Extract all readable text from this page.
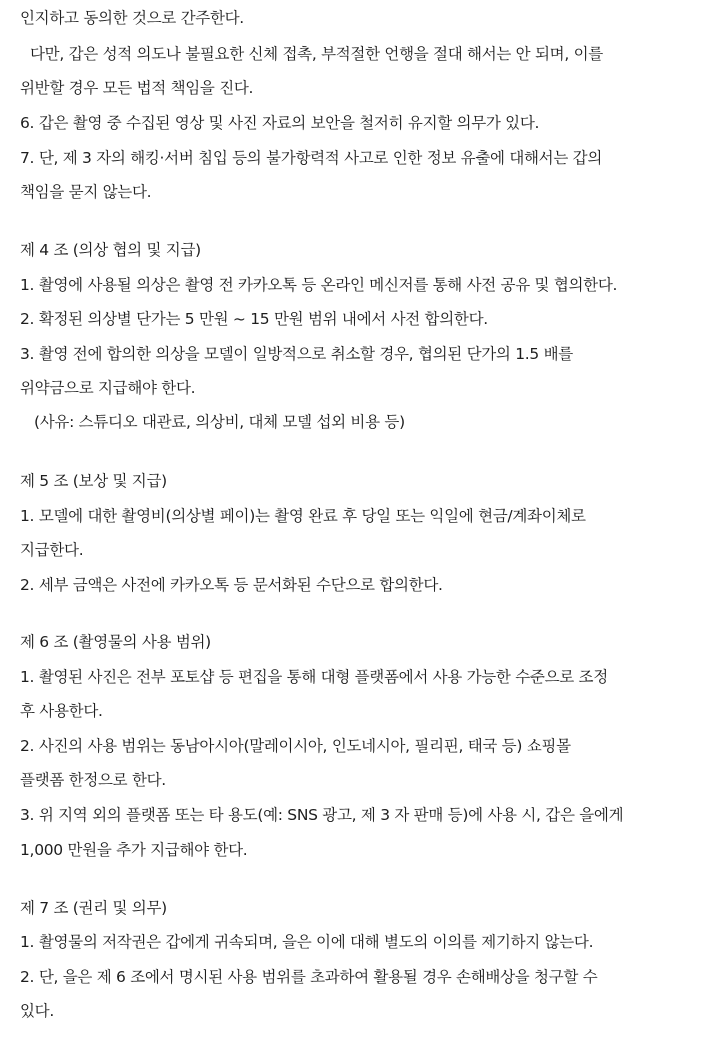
인지하고 동의한 것으로 간주한다.
다만, 갑은 성적 의도나 불필요한 신체 접촉, 부적절한 언행을 절대 해서는 안 되며, 이를
위반할 경우 모든 법적 책임을 진다.
6. 갑은 촬영 중 수집된 영상 및 사진 자료의 보안을 철저히 유지할 의무가 있다.
7. 단, 제 3 자의 해킹·서버 침입 등의 불가항력적 사고로 인한 정보 유출에 대해서는 갑의
책임을 묻지 않는다.
제 4 조 (의상 협의 및 지급)
1. 촬영에 사용될 의상은 촬영 전 카카오톡 등 온라인 메신저를 통해 사전 공유 및 협의한다.
2. 확정된 의상별 단가는 5 만원 ~ 15 만원 범위 내에서 사전 합의한다.
3. 촬영 전에 합의한 의상을 모델이 일방적으로 취소할 경우, 협의된 단가의 1.5 배를
위약금으로 지급해야 한다.
(사유: 스튜디오 대관료, 의상비, 대체 모델 섭외 비용 등)
제 5 조 (보상 및 지급)
1. 모델에 대한 촬영비(의상별 페이)는 촬영 완료 후 당일 또는 익일에 현금/계좌이체로
지급한다.
2. 세부 금액은 사전에 카카오톡 등 문서화된 수단으로 합의한다.
제 6 조 (촬영물의 사용 범위)
1. 촬영된 사진은 전부 포토샵 등 편집을 통해 대형 플랫폼에서 사용 가능한 수준으로 조정
후 사용한다.
2. 사진의 사용 범위는 동남아시아(말레이시아, 인도네시아, 필리핀, 태국 등) 쇼핑몰
플랫폼 한정으로 한다.
3. 위 지역 외의 플랫폼 또는 타 용도(예: SNS 광고, 제 3 자 판매 등)에 사용 시, 갑은 을에게
1,000 만원을 추가 지급해야 한다.
제 7 조 (권리 및 의무)
1. 촬영물의 저작권은 갑에게 귀속되며, 을은 이에 대해 별도의 이의를 제기하지 않는다.
2. 단, 을은 제 6 조에서 명시된 사용 범위를 초과하여 활용될 경우 손해배상을 청구할 수
있다.
